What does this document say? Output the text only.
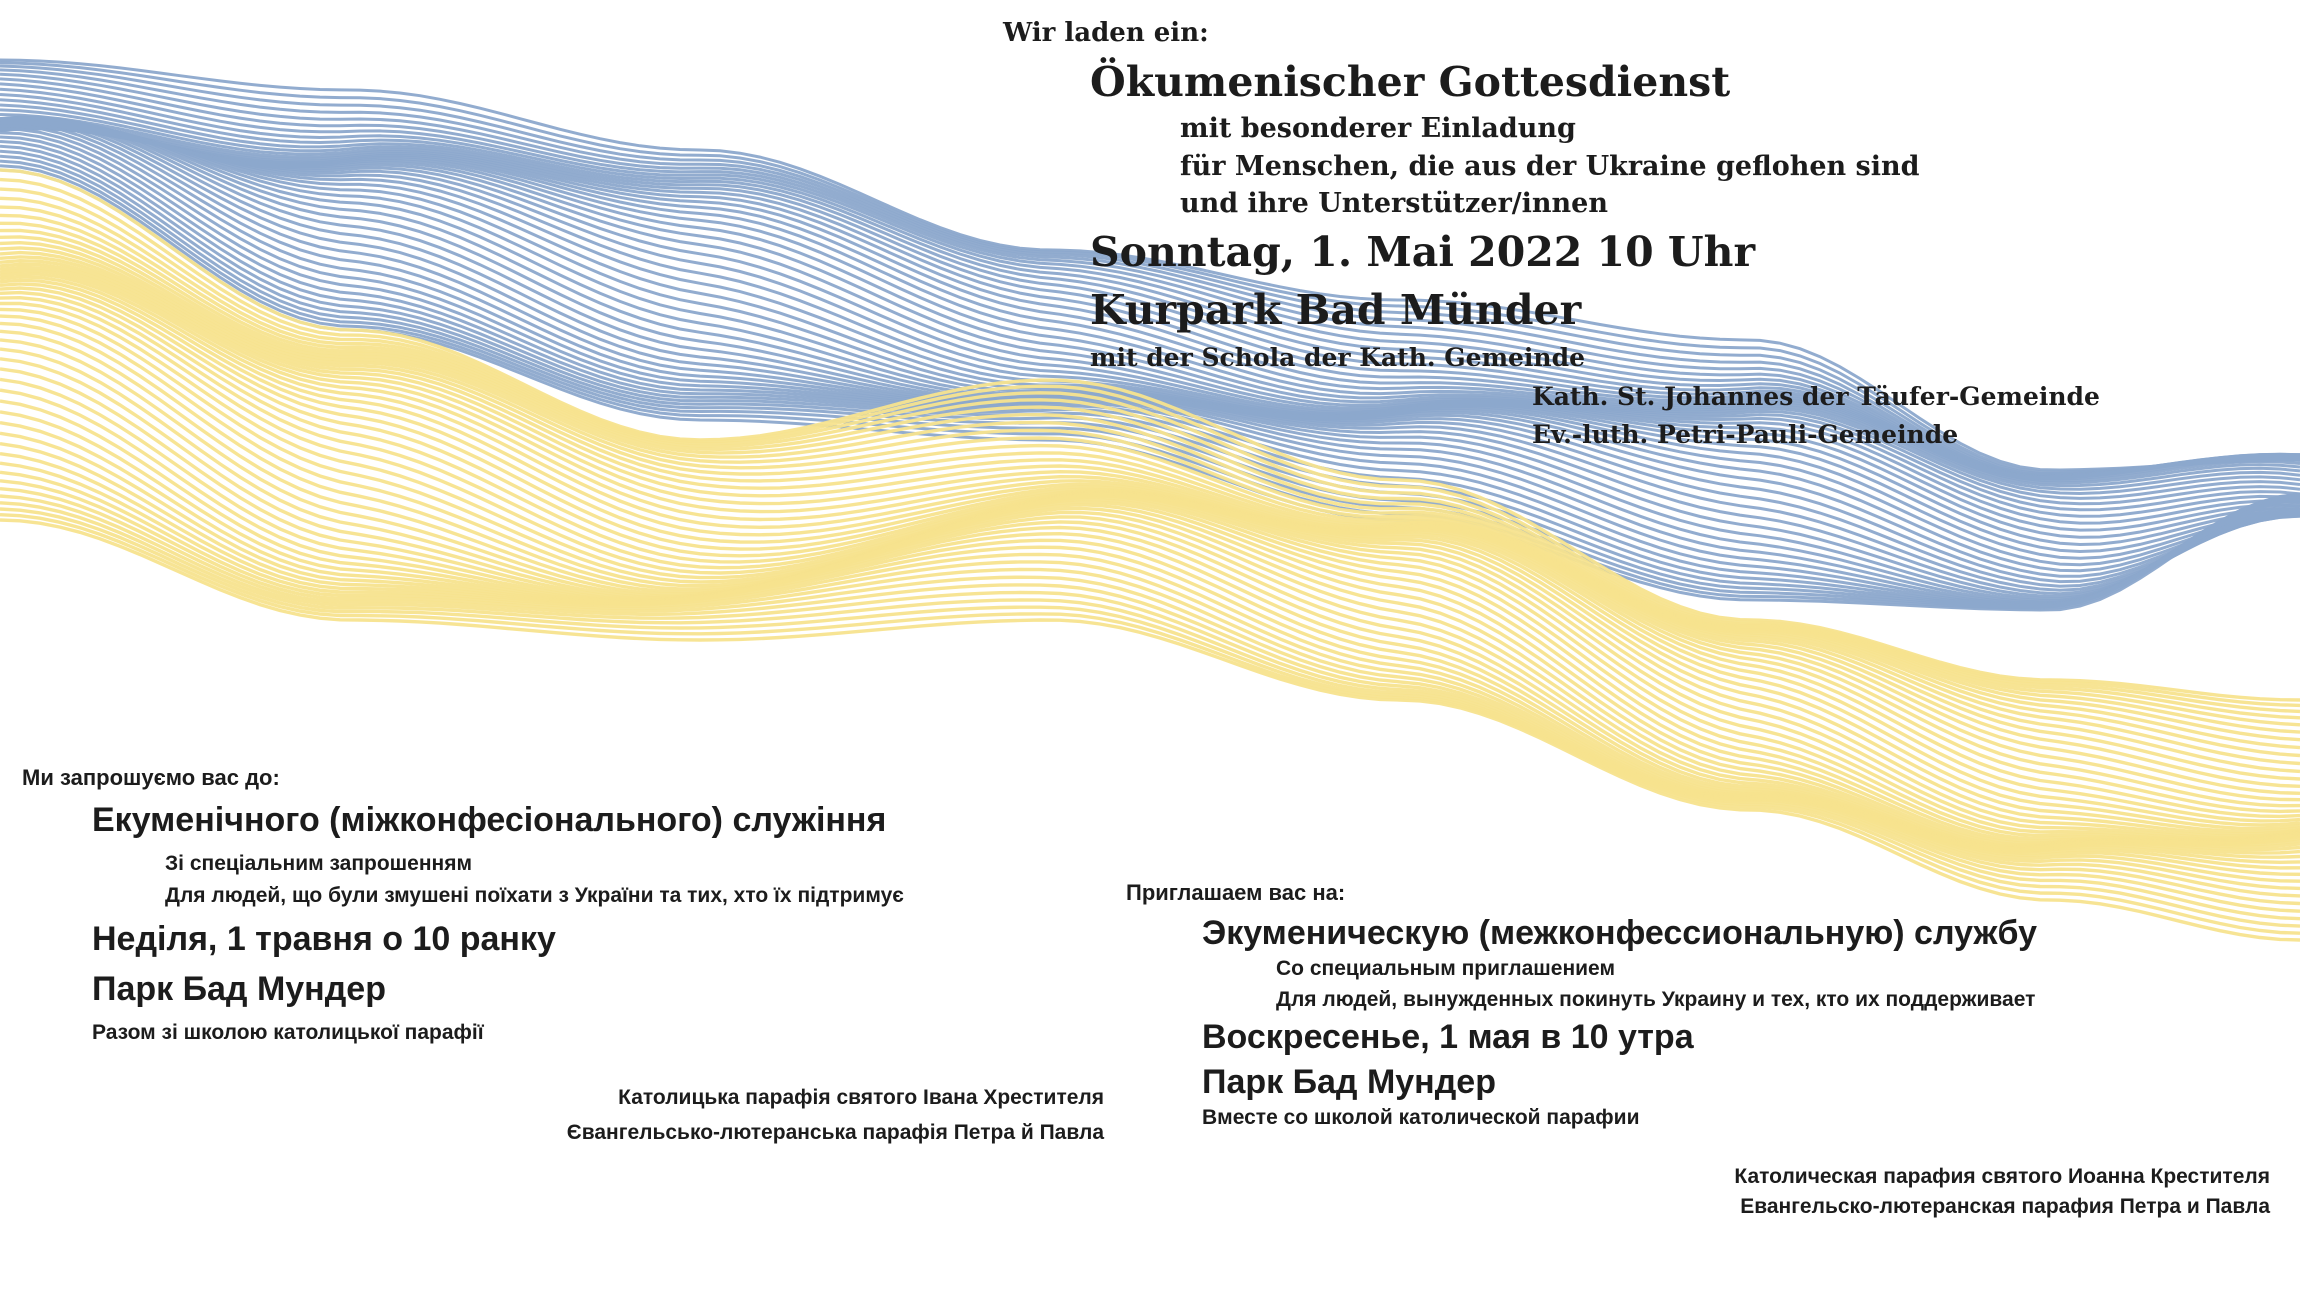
Wir laden ein:

Ökumenischer Gottesdienst

mit besonderer Einladung

für Menschen, die aus der Ukraine geflohen sind

und ihre Unterstützer/innen

Sonntag, 1. Mai 2022 10 Uhr

Kurpark Bad Münder

mit der Schola der Kath. Gemeinde

Kath. St. Johannes der Täufer-Gemeinde

Ev.-luth. Petri-Pauli-Gemeinde

Ми запрошуємо вас до:

Екуменічного (міжконфесіонального) служіння

Зі спеціальним запрошенням

Для людей, що були змушені поїхати з України та тих, хто їх підтримує

Неділя, 1 травня о 10 ранку

Парк Бад Мундер

Разом зі школою католицької парафії

Католицька парафія святого Івана Хрестителя

Євангельсько-лютеранська парафія Петра й Павла

Приглашаем вас на:

Экуменическую (межконфессиональную) службу

Со специальным приглашением

Для людей, вынужденных покинуть Украину и тех, кто их поддерживает

Воскресенье, 1 мая в 10 утра

Парк Бад Мундер

Вместе со школой католической парафии

Католическая парафия святого Иоанна Крестителя

Евангельско-лютеранская парафия Петра и Павла
